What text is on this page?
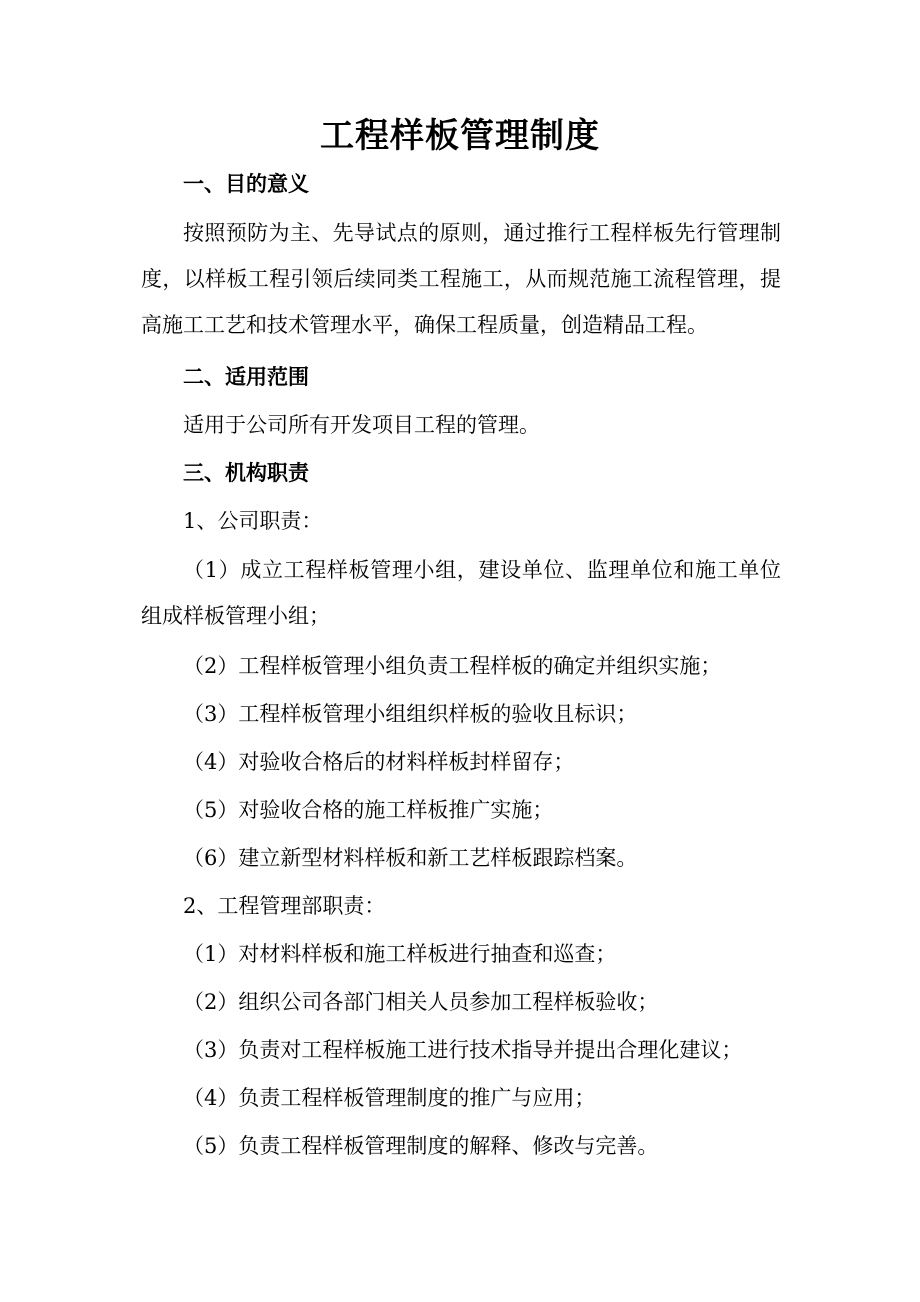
工程样板管理制度

一、目的意义

按照预防为主、先导试点的原则，通过推行工程样板先行管理制度，以样板工程引领后续同类工程施工，从而规范施工流程管理，提高施工工艺和技术管理水平，确保工程质量，创造精品工程。

二、适用范围

适用于公司所有开发项目工程的管理。

三、机构职责

1、公司职责：

（1）成立工程样板管理小组，建设单位、监理单位和施工单位组成样板管理小组；

（2）工程样板管理小组负责工程样板的确定并组织实施；

（3）工程样板管理小组组织样板的验收且标识；

（4）对验收合格后的材料样板封样留存；

（5）对验收合格的施工样板推广实施；

（6）建立新型材料样板和新工艺样板跟踪档案。

2、工程管理部职责：

（1）对材料样板和施工样板进行抽查和巡查；

（2）组织公司各部门相关人员参加工程样板验收；

（3）负责对工程样板施工进行技术指导并提出合理化建议；

（4）负责工程样板管理制度的推广与应用；

（5）负责工程样板管理制度的解释、修改与完善。
